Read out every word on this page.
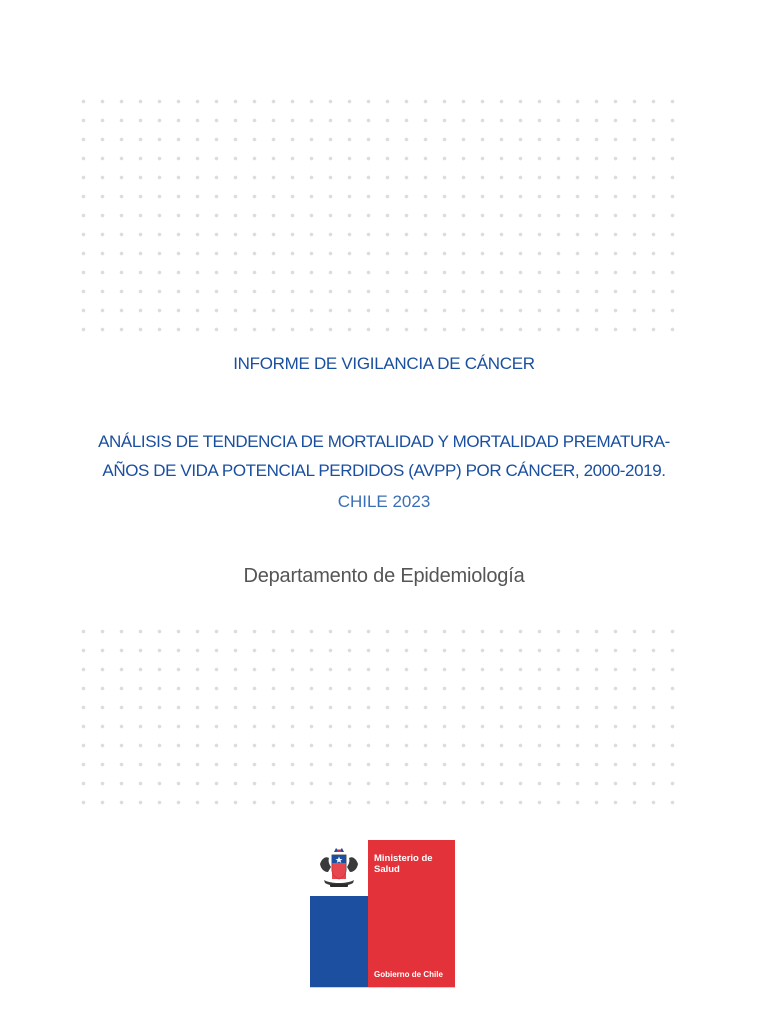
INFORME DE VIGILANCIA DE CÁNCER
ANÁLISIS DE TENDENCIA DE MORTALIDAD Y MORTALIDAD PREMATURA-
AÑOS DE VIDA POTENCIAL PERDIDOS (AVPP) POR CÁNCER, 2000-2019.
CHILE 2023
Departamento de Epidemiología
Ministerio de
Salud
Gobierno de Chile
